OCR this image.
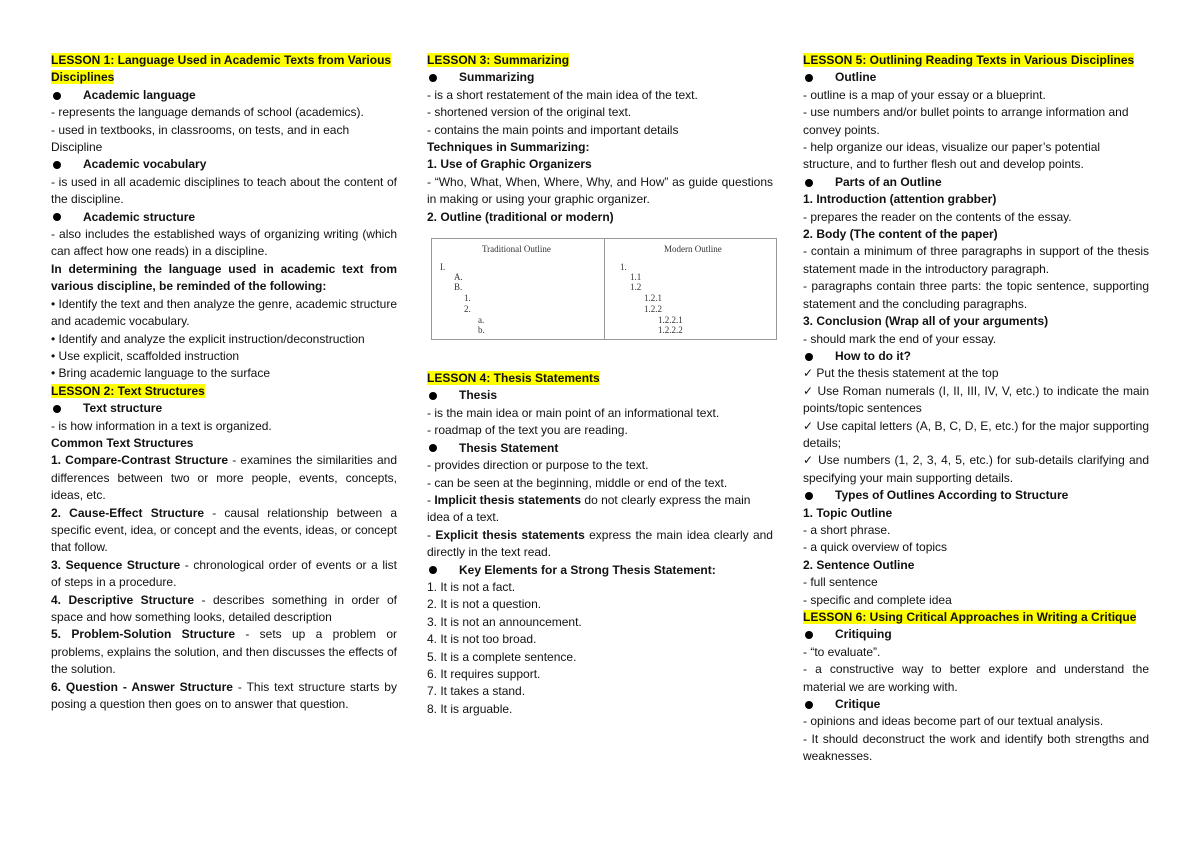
LESSON 1: Language Used in Academic Texts from Various Disciplines

Academic language

- represents the language demands of school (academics).

- used in textbooks, in classrooms, on tests, and in each Discipline

Academic vocabulary

- is used in all academic disciplines to teach about the content of the discipline.

Academic structure

- also includes the established ways of organizing writing (which can affect how one reads) in a discipline.

In determining the language used in academic text from various discipline, be reminded of the following:

• Identify the text and then analyze the genre, academic structure and academic vocabulary.

• Identify and analyze the explicit instruction/deconstruction

• Use explicit, scaffolded instruction

• Bring academic language to the surface

LESSON 2: Text Structures

Text structure

- is how information in a text is organized.

Common Text Structures

1. Compare-Contrast Structure - examines the similarities and differences between two or more people, events, concepts, ideas, etc.

2. Cause-Effect Structure - causal relationship between a specific event, idea, or concept and the events, ideas, or concept that follow.

3. Sequence Structure - chronological order of events or a list of steps in a procedure.

4. Descriptive Structure - describes something in order of space and how something looks, detailed description

5. Problem-Solution Structure - sets up a problem or problems, explains the solution, and then discusses the effects of the solution.

6. Question - Answer Structure - This text structure starts by posing a question then goes on to answer that question.

LESSON 3: Summarizing

Summarizing

- is a short restatement of the main idea of the text.

- shortened version of the original text.

- contains the main points and important details

Techniques in Summarizing:

1. Use of Graphic Organizers

- “Who, What, When, Where, Why, and How” as guide questions in making or using your graphic organizer.

2. Outline (traditional or modern)

Traditional Outline	Modern Outline
I.
A.
B.
1.
2.
a.
b.
1.
1.1
1.2
1.2.1
1.2.2
1.2.2.1
1.2.2.2

LESSON 4: Thesis Statements

Thesis

- is the main idea or main point of an informational text.

- roadmap of the text you are reading.

Thesis Statement

- provides direction or purpose to the text.

- can be seen at the beginning, middle or end of the text.

- Implicit thesis statements do not clearly express the main idea of a text.

- Explicit thesis statements express the main idea clearly and directly in the text read.

Key Elements for a Strong Thesis Statement:

1. It is not a fact.

2. It is not a question.

3. It is not an announcement.

4. It is not too broad.

5. It is a complete sentence.

6. It requires support.

7. It takes a stand.

8. It is arguable.

LESSON 5: Outlining Reading Texts in Various Disciplines

Outline

- outline is a map of your essay or a blueprint.

- use numbers and/or bullet points to arrange information and convey points.

- help organize our ideas, visualize our paper’s potential structure, and to further flesh out and develop points.

Parts of an Outline

1. Introduction (attention grabber)

- prepares the reader on the contents of the essay.

2. Body (The content of the paper)

- contain a minimum of three paragraphs in support of the thesis statement made in the introductory paragraph.

- paragraphs contain three parts: the topic sentence, supporting statement and the concluding paragraphs.

3. Conclusion (Wrap all of your arguments)

- should mark the end of your essay.

How to do it?

✓ Put the thesis statement at the top

✓ Use Roman numerals (I, II, III, IV, V, etc.) to indicate the main points/topic sentences

✓ Use capital letters (A, B, C, D, E, etc.) for the major supporting details;

✓ Use numbers (1, 2, 3, 4, 5, etc.) for sub-details clarifying and specifying your main supporting details.

Types of Outlines According to Structure

1. Topic Outline

- a short phrase.

- a quick overview of topics

2. Sentence Outline

- full sentence

- specific and complete idea

LESSON 6: Using Critical Approaches in Writing a Critique

Critiquing

- “to evaluate”.

- a constructive way to better explore and understand the material we are working with.

Critique

- opinions and ideas become part of our textual analysis.

- It should deconstruct the work and identify both strengths and weaknesses.
